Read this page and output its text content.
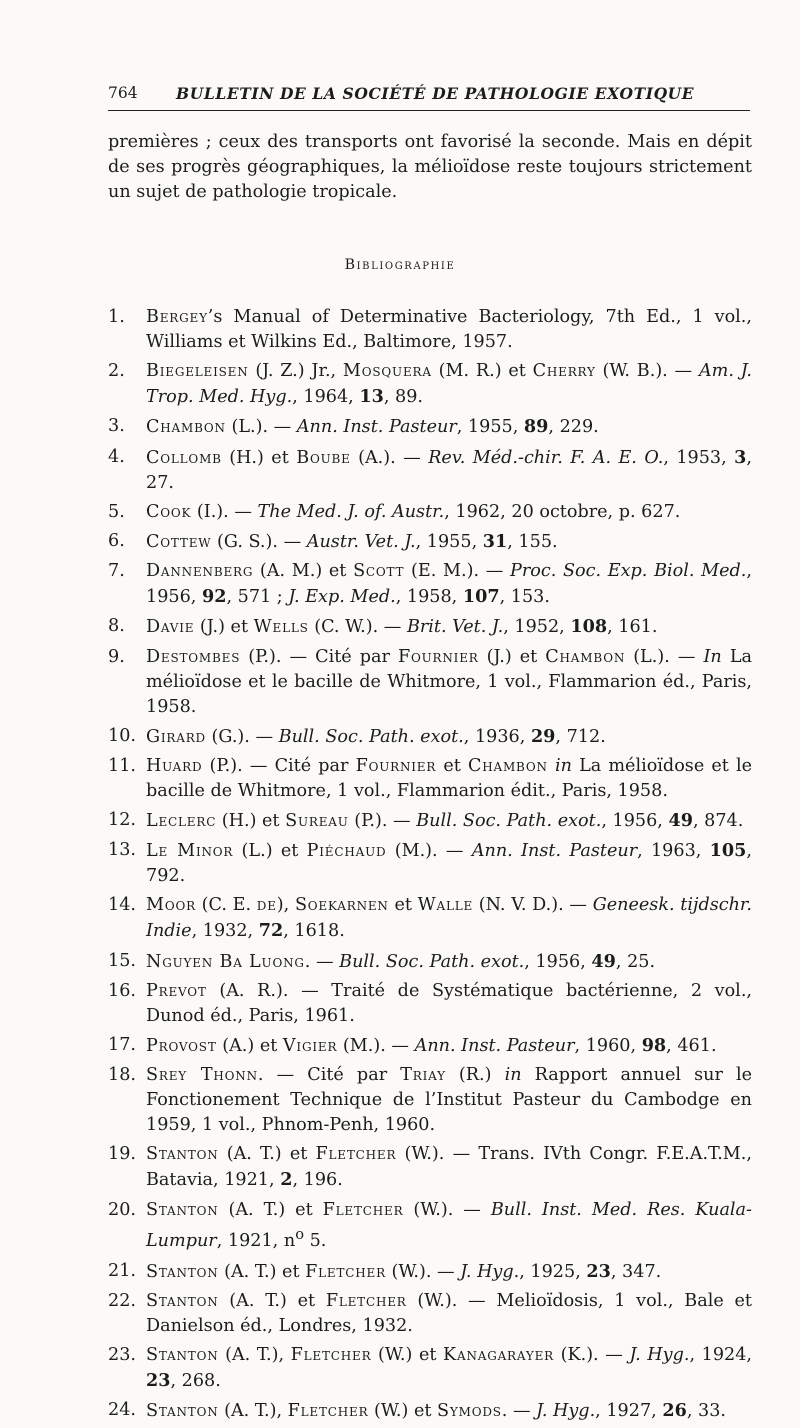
764 BULLETIN DE LA SOCIÉTÉ DE PATHOLOGIE EXOTIQUE

premières ; ceux des transports ont favorisé la seconde. Mais en dépit de ses progrès géographiques, la mélioïdose reste toujours strictement un sujet de pathologie tropicale.

Bibliographie
1.	Bergey’s Manual of Determinative Bacteriology, 7th Ed., 1 vol., Williams et Wilkins Ed., Baltimore, 1957.
2.	Biegeleisen (J. Z.) Jr., Mosquera (M. R.) et Cherry (W. B.). — Am. J. Trop. Med. Hyg., 1964, 13, 89.
3.	Chambon (L.). — Ann. Inst. Pasteur, 1955, 89, 229.
4.	Collomb (H.) et Boube (A.). — Rev. Méd.-chir. F. A. E. O., 1953, 3, 27.
5.	Cook (I.). — The Med. J. of. Austr., 1962, 20 octobre, p. 627.
6.	Cottew (G. S.). — Austr. Vet. J., 1955, 31, 155.
7.	Dannenberg (A. M.) et Scott (E. M.). — Proc. Soc. Exp. Biol. Med., 1956, 92, 571 ; J. Exp. Med., 1958, 107, 153.
8.	Davie (J.) et Wells (C. W.). — Brit. Vet. J., 1952, 108, 161.
9.	Destombes (P.). — Cité par Fournier (J.) et Chambon (L.). — In La mélioïdose et le bacille de Whitmore, 1 vol., Flammarion éd., Paris, 1958.
10. Girard (G.). — Bull. Soc. Path. exot., 1936, 29, 712.
11. Huard (P.). — Cité par Fournier et Chambon in La mélioïdose et le bacille de Whitmore, 1 vol., Flammarion édit., Paris, 1958.
12. Leclerc (H.) et Sureau (P.). — Bull. Soc. Path. exot., 1956, 49, 874.
13. Le Minor (L.) et Piéchaud (M.). — Ann. Inst. Pasteur, 1963, 105, 792.
14. Moor (C. E. de), Soekarnen et Walle (N. V. D.). — Geneesk. tijdschr. Indie, 1932, 72, 1618.
15. Nguyen Ba Luong. — Bull. Soc. Path. exot., 1956, 49, 25.
16. Prevot (A. R.). — Traité de Systématique bactérienne, 2 vol., Dunod éd., Paris, 1961.
17. Provost (A.) et Vigier (M.). — Ann. Inst. Pasteur, 1960, 98, 461.
18. Srey Thonn. — Cité par Triay (R.) in Rapport annuel sur le Fonctionement Technique de l’Institut Pasteur du Cambodge en 1959, 1 vol., Phnom-Penh, 1960.
19. Stanton (A. T.) et Fletcher (W.). — Trans. IVth Congr. F.E.A.T.M., Batavia, 1921, 2, 196.
20. Stanton (A. T.) et Fletcher (W.). — Bull. Inst. Med. Res. Kuala-Lumpur, 1921, $n^o$ 5.
21. Stanton (A. T.) et Fletcher (W.). — J. Hyg., 1925, 23, 347.
22. Stanton (A. T.) et Fletcher (W.). — Melioïdosis, 1 vol., Bale et Danielson éd., Londres, 1932.
23. Stanton (A. T.), Fletcher (W.) et Kanagarayer (K.). — J. Hyg., 1924, 23, 268.
24. Stanton (A. T.), Fletcher (W.) et Symods. — J. Hyg., 1927, 26, 33.
